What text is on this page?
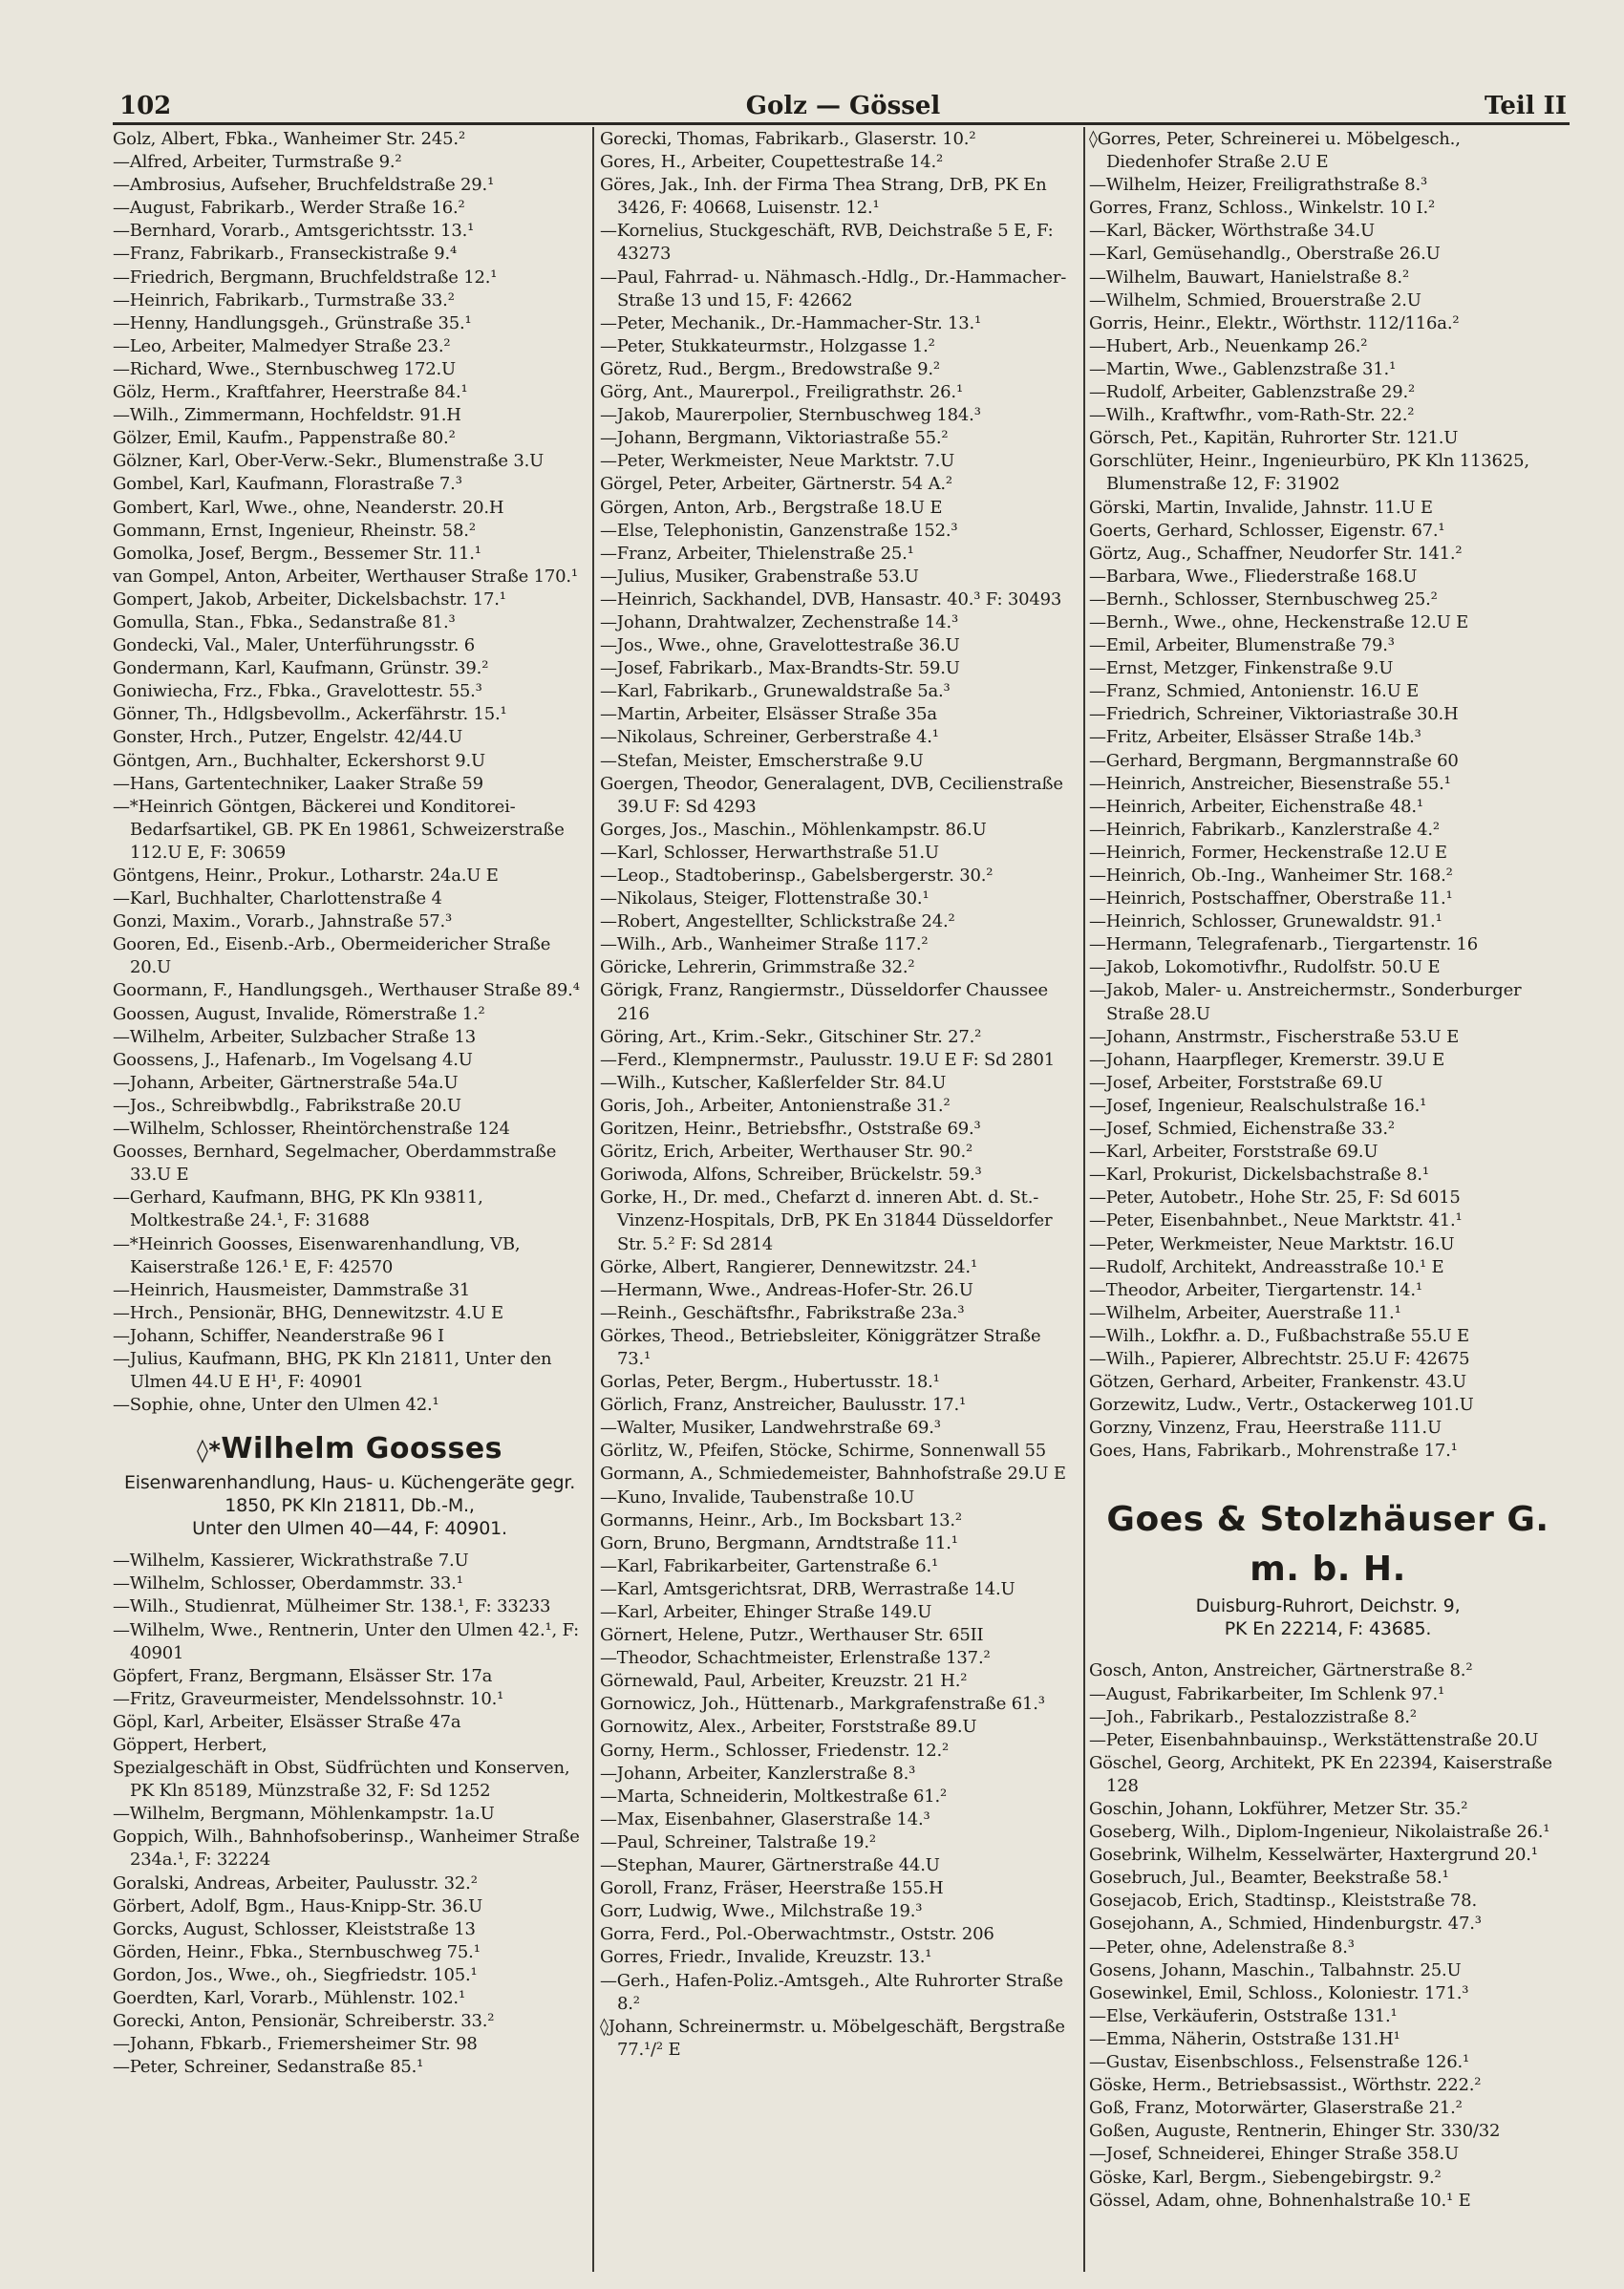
102	Golz — Gössel	Teil II
Golz, Albert, Fbka., Wanheimer Str. 245.²
—Alfred, Arbeiter, Turmstraße 9.²
—Ambrosius, Aufseher, Bruchfeldstraße 29.¹
—August, Fabrikarb., Werder Straße 16.²
—Bernhard, Vorarb., Amtsgerichtsstr. 13.¹
—Franz, Fabrikarb., Franseckistraße 9.⁴
—Friedrich, Bergmann, Bruchfeldstraße 12.¹
—Heinrich, Fabrikarb., Turmstraße 33.²
—Henny, Handlungsgeh., Grünstraße 35.¹
—Leo, Arbeiter, Malmedyer Straße 23.²
—Richard, Wwe., Sternbuschweg 172.U
Gölz, Herm., Kraftfahrer, Heerstraße 84.¹
—Wilh., Zimmermann, Hochfeldstr. 91.H
Gölzer, Emil, Kaufm., Pappenstraße 80.²
Gölzner, Karl, Ober-Verw.-Sekr., Blumenstraße 3.U
Gombel, Karl, Kaufmann, Florastraße 7.³
Gombert, Karl, Wwe., ohne, Neanderstr. 20.H
Gommann, Ernst, Ingenieur, Rheinstr. 58.²
Gomolka, Josef, Bergm., Bessemer Str. 11.¹
van Gompel, Anton, Arbeiter, Werthauser Straße 170.¹
Gompert, Jakob, Arbeiter, Dickelsbachstr. 17.¹
Gomulla, Stan., Fbka., Sedanstraße 81.³
Gondecki, Val., Maler, Unterführungsstr. 6
Gondermann, Karl, Kaufmann, Grünstr. 39.²
Goniwiecha, Frz., Fbka., Gravelottestr. 55.³
Gönner, Th., Hdlgsbevollm., Ackerfährstr. 15.¹
Gonster, Hrch., Putzer, Engelstr. 42/44.U
Göntgen, Arn., Buchhalter, Eckershorst 9.U
—Hans, Gartentechniker, Laaker Straße 59
—*Heinrich Göntgen, Bäckerei und Konditorei-Bedarfsartikel, GB. PK En 19861, Schweizerstraße 112.U E, F: 30659
Göntgens, Heinr., Prokur., Lotharstr. 24a.U E
—Karl, Buchhalter, Charlottenstraße 4
Gonzi, Maxim., Vorarb., Jahnstraße 57.³
Gooren, Ed., Eisenb.-Arb., Obermeidericher Straße 20.U
Goormann, F., Handlungsgeh., Werthauser Straße 89.⁴
Goossen, August, Invalide, Römerstraße 1.²
—Wilhelm, Arbeiter, Sulzbacher Straße 13
Goossens, J., Hafenarb., Im Vogelsang 4.U
—Johann, Arbeiter, Gärtnerstraße 54a.U
—Jos., Schreibwbdlg., Fabrikstraße 20.U
—Wilhelm, Schlosser, Rheintörchenstraße 124
Goosses, Bernhard, Segelmacher, Oberdammstraße 33.U E
—Gerhard, Kaufmann, BHG, PK Kln 93811, Moltkestraße 24.¹, F: 31688
—*Heinrich Goosses, Eisenwarenhandlung, VB, Kaiserstraße 126.¹ E, F: 42570
—Heinrich, Hausmeister, Dammstraße 31
—Hrch., Pensionär, BHG, Dennewitzstr. 4.U E
—Johann, Schiffer, Neanderstraße 96 I
—Julius, Kaufmann, BHG, PK Kln 21811, Unter den Ulmen 44.U E H¹, F: 40901
—Sophie, ohne, Unter den Ulmen 42.¹
◊*Wilhelm Goosses
Eisenwarenhandlung, Haus- u. Küchengeräte gegr. 1850, PK Kln 21811, Db.-M.,
Unter den Ulmen 40—44, F: 40901.
—Wilhelm, Kassierer, Wickrathstraße 7.U
—Wilhelm, Schlosser, Oberdammstr. 33.¹
—Wilh., Studienrat, Mülheimer Str. 138.¹, F: 33233
—Wilhelm, Wwe., Rentnerin, Unter den Ulmen 42.¹, F: 40901
Göpfert, Franz, Bergmann, Elsässer Str. 17a
—Fritz, Graveurmeister, Mendelssohnstr. 10.¹
Göpl, Karl, Arbeiter, Elsässer Straße 47a
Göppert, Herbert,
Spezialgeschäft in Obst, Südfrüchten und Konserven, PK Kln 85189, Münzstraße 32, F: Sd 1252
—Wilhelm, Bergmann, Möhlenkampstr. 1a.U
Goppich, Wilh., Bahnhofsoberinsp., Wanheimer Straße 234a.¹, F: 32224
Goralski, Andreas, Arbeiter, Paulusstr. 32.²
Görbert, Adolf, Bgm., Haus-Knipp-Str. 36.U
Gorcks, August, Schlosser, Kleiststraße 13
Görden, Heinr., Fbka., Sternbuschweg 75.¹
Gordon, Jos., Wwe., oh., Siegfriedstr. 105.¹
Goerdten, Karl, Vorarb., Mühlenstr. 102.¹
Gorecki, Anton, Pensionär, Schreiberstr. 33.²
—Johann, Fbkarb., Friemersheimer Str. 98
—Peter, Schreiner, Sedanstraße 85.¹
Gorecki, Thomas, Fabrikarb., Glaserstr. 10.²
Gores, H., Arbeiter, Coupettestraße 14.²
Göres, Jak., Inh. der Firma Thea Strang, DrB, PK En 3426, F: 40668, Luisenstr. 12.¹
—Kornelius, Stuckgeschäft, RVB, Deichstraße 5 E, F: 43273
—Paul, Fahrrad- u. Nähmasch.-Hdlg., Dr.-Hammacher-Straße 13 und 15, F: 42662
—Peter, Mechanik., Dr.-Hammacher-Str. 13.¹
—Peter, Stukkateurmstr., Holzgasse 1.²
Göretz, Rud., Bergm., Bredowstraße 9.²
Görg, Ant., Maurerpol., Freiligrathstr. 26.¹
—Jakob, Maurerpolier, Sternbuschweg 184.³
—Johann, Bergmann, Viktoriastraße 55.²
—Peter, Werkmeister, Neue Marktstr. 7.U
Görgel, Peter, Arbeiter, Gärtnerstr. 54 A.²
Görgen, Anton, Arb., Bergstraße 18.U E
—Else, Telephonistin, Ganzenstraße 152.³
—Franz, Arbeiter, Thielenstraße 25.¹
—Julius, Musiker, Grabenstraße 53.U
—Heinrich, Sackhandel, DVB, Hansastr. 40.³ F: 30493
—Johann, Drahtwalzer, Zechenstraße 14.³
—Jos., Wwe., ohne, Gravelottestraße 36.U
—Josef, Fabrikarb., Max-Brandts-Str. 59.U
—Karl, Fabrikarb., Grunewaldstraße 5a.³
—Martin, Arbeiter, Elsässer Straße 35a
—Nikolaus, Schreiner, Gerberstraße 4.¹
—Stefan, Meister, Emscherstraße 9.U
Goergen, Theodor, Generalagent, DVB, Cecilienstraße 39.U F: Sd 4293
Gorges, Jos., Maschin., Möhlenkampstr. 86.U
—Karl, Schlosser, Herwarthstraße 51.U
—Leop., Stadtoberinsp., Gabelsbergerstr. 30.²
—Nikolaus, Steiger, Flottenstraße 30.¹
—Robert, Angestellter, Schlickstraße 24.²
—Wilh., Arb., Wanheimer Straße 117.²
Göricke, Lehrerin, Grimmstraße 32.²
Görigk, Franz, Rangiermstr., Düsseldorfer Chaussee 216
Göring, Art., Krim.-Sekr., Gitschiner Str. 27.²
—Ferd., Klempnermstr., Paulusstr. 19.U E F: Sd 2801
—Wilh., Kutscher, Kaßlerfelder Str. 84.U
Goris, Joh., Arbeiter, Antonienstraße 31.²
Goritzen, Heinr., Betriebsfhr., Oststraße 69.³
Göritz, Erich, Arbeiter, Werthauser Str. 90.²
Goriwoda, Alfons, Schreiber, Brückelstr. 59.³
Gorke, H., Dr. med., Chefarzt d. inneren Abt. d. St.-Vinzenz-Hospitals, DrB, PK En 31844 Düsseldorfer Str. 5.² F: Sd 2814
Görke, Albert, Rangierer, Dennewitzstr. 24.¹
—Hermann, Wwe., Andreas-Hofer-Str. 26.U
—Reinh., Geschäftsfhr., Fabrikstraße 23a.³
Görkes, Theod., Betriebsleiter, Königgrätzer Straße 73.¹
Gorlas, Peter, Bergm., Hubertusstr. 18.¹
Görlich, Franz, Anstreicher, Baulusstr. 17.¹
—Walter, Musiker, Landwehrstraße 69.³
Görlitz, W., Pfeifen, Stöcke, Schirme, Sonnenwall 55
Gormann, A., Schmiedemeister, Bahnhofstraße 29.U E
—Kuno, Invalide, Taubenstraße 10.U
Gormanns, Heinr., Arb., Im Bocksbart 13.²
Gorn, Bruno, Bergmann, Arndtstraße 11.¹
—Karl, Fabrikarbeiter, Gartenstraße 6.¹
—Karl, Amtsgerichtsrat, DRB, Werrastraße 14.U
—Karl, Arbeiter, Ehinger Straße 149.U
Görnert, Helene, Putzr., Werthauser Str. 65II
—Theodor, Schachtmeister, Erlenstraße 137.²
Görnewald, Paul, Arbeiter, Kreuzstr. 21 H.²
Gornowicz, Joh., Hüttenarb., Markgrafenstraße 61.³
Gornowitz, Alex., Arbeiter, Forststraße 89.U
Gorny, Herm., Schlosser, Friedenstr. 12.²
—Johann, Arbeiter, Kanzlerstraße 8.³
—Marta, Schneiderin, Moltkestraße 61.²
—Max, Eisenbahner, Glaserstraße 14.³
—Paul, Schreiner, Talstraße 19.²
—Stephan, Maurer, Gärtnerstraße 44.U
Goroll, Franz, Fräser, Heerstraße 155.H
Gorr, Ludwig, Wwe., Milchstraße 19.³
Gorra, Ferd., Pol.-Oberwachtmstr., Oststr. 206
Gorres, Friedr., Invalide, Kreuzstr. 13.¹
—Gerh., Hafen-Poliz.-Amtsgeh., Alte Ruhrorter Straße 8.²
◊Johann, Schreinermstr. u. Möbelgeschäft, Bergstraße 77.¹/² E
◊Gorres, Peter, Schreinerei u. Möbelgesch., Diedenhofer Straße 2.U E
—Wilhelm, Heizer, Freiligrathstraße 8.³
Gorres, Franz, Schloss., Winkelstr. 10 I.²
—Karl, Bäcker, Wörthstraße 34.U
—Karl, Gemüsehandlg., Oberstraße 26.U
—Wilhelm, Bauwart, Hanielstraße 8.²
—Wilhelm, Schmied, Brouerstraße 2.U
Gorris, Heinr., Elektr., Wörthstr. 112/116a.²
—Hubert, Arb., Neuenkamp 26.²
—Martin, Wwe., Gablenzstraße 31.¹
—Rudolf, Arbeiter, Gablenzstraße 29.²
—Wilh., Kraftwfhr., vom-Rath-Str. 22.²
Görsch, Pet., Kapitän, Ruhrorter Str. 121.U
Gorschlüter, Heinr., Ingenieurbüro, PK Kln 113625, Blumenstraße 12, F: 31902
Görski, Martin, Invalide, Jahnstr. 11.U E
Goerts, Gerhard, Schlosser, Eigenstr. 67.¹
Görtz, Aug., Schaffner, Neudorfer Str. 141.²
—Barbara, Wwe., Fliederstraße 168.U
—Bernh., Schlosser, Sternbuschweg 25.²
—Bernh., Wwe., ohne, Heckenstraße 12.U E
—Emil, Arbeiter, Blumenstraße 79.³
—Ernst, Metzger, Finkenstraße 9.U
—Franz, Schmied, Antonienstr. 16.U E
—Friedrich, Schreiner, Viktoriastraße 30.H
—Fritz, Arbeiter, Elsässer Straße 14b.³
—Gerhard, Bergmann, Bergmannstraße 60
—Heinrich, Anstreicher, Biesenstraße 55.¹
—Heinrich, Arbeiter, Eichenstraße 48.¹
—Heinrich, Fabrikarb., Kanzlerstraße 4.²
—Heinrich, Former, Heckenstraße 12.U E
—Heinrich, Ob.-Ing., Wanheimer Str. 168.²
—Heinrich, Postschaffner, Oberstraße 11.¹
—Heinrich, Schlosser, Grunewaldstr. 91.¹
—Hermann, Telegrafenarb., Tiergartenstr. 16
—Jakob, Lokomotivfhr., Rudolfstr. 50.U E
—Jakob, Maler- u. Anstreichermstr., Sonderburger Straße 28.U
—Johann, Anstrmstr., Fischerstraße 53.U E
—Johann, Haarpfleger, Kremerstr. 39.U E
—Josef, Arbeiter, Forststraße 69.U
—Josef, Ingenieur, Realschulstraße 16.¹
—Josef, Schmied, Eichenstraße 33.²
—Karl, Arbeiter, Forststraße 69.U
—Karl, Prokurist, Dickelsbachstraße 8.¹
—Peter, Autobetr., Hohe Str. 25, F: Sd 6015
—Peter, Eisenbahnbet., Neue Marktstr. 41.¹
—Peter, Werkmeister, Neue Marktstr. 16.U
—Rudolf, Architekt, Andreasstraße 10.¹ E
—Theodor, Arbeiter, Tiergartenstr. 14.¹
—Wilhelm, Arbeiter, Auerstraße 11.¹
—Wilh., Lokfhr. a. D., Fußbachstraße 55.U E
—Wilh., Papierer, Albrechtstr. 25.U F: 42675
Götzen, Gerhard, Arbeiter, Frankenstr. 43.U
Gorzewitz, Ludw., Vertr., Ostackerweg 101.U
Gorzny, Vinzenz, Frau, Heerstraße 111.U
Goes, Hans, Fabrikarb., Mohrenstraße 17.¹
Goes & Stolzhäuser G. m. b. H.
Duisburg-Ruhrort, Deichstr. 9,
PK En 22214, F: 43685.
Gosch, Anton, Anstreicher, Gärtnerstraße 8.²
—August, Fabrikarbeiter, Im Schlenk 97.¹
—Joh., Fabrikarb., Pestalozzistraße 8.²
—Peter, Eisenbahnbauinsp., Werkstättenstraße 20.U
Göschel, Georg, Architekt, PK En 22394, Kaiserstraße 128
Goschin, Johann, Lokführer, Metzer Str. 35.²
Goseberg, Wilh., Diplom-Ingenieur, Nikolaistraße 26.¹
Gosebrink, Wilhelm, Kesselwärter, Haxtergrund 20.¹
Gosebruch, Jul., Beamter, Beekstraße 58.¹
Gosejacob, Erich, Stadtinsp., Kleiststraße 78.
Gosejohann, A., Schmied, Hindenburgstr. 47.³
—Peter, ohne, Adelenstraße 8.³
Gosens, Johann, Maschin., Talbahnstr. 25.U
Gosewinkel, Emil, Schloss., Koloniestr. 171.³
—Else, Verkäuferin, Oststraße 131.¹
—Emma, Näherin, Oststraße 131.H¹
—Gustav, Eisenbschloss., Felsenstraße 126.¹
Göske, Herm., Betriebsassist., Wörthstr. 222.²
Goß, Franz, Motorwärter, Glaserstraße 21.²
Goßen, Auguste, Rentnerin, Ehinger Str. 330/32
—Josef, Schneiderei, Ehinger Straße 358.U
Göske, Karl, Bergm., Siebengebirgstr. 9.²
Gössel, Adam, ohne, Bohnenhalstraße 10.¹ E
